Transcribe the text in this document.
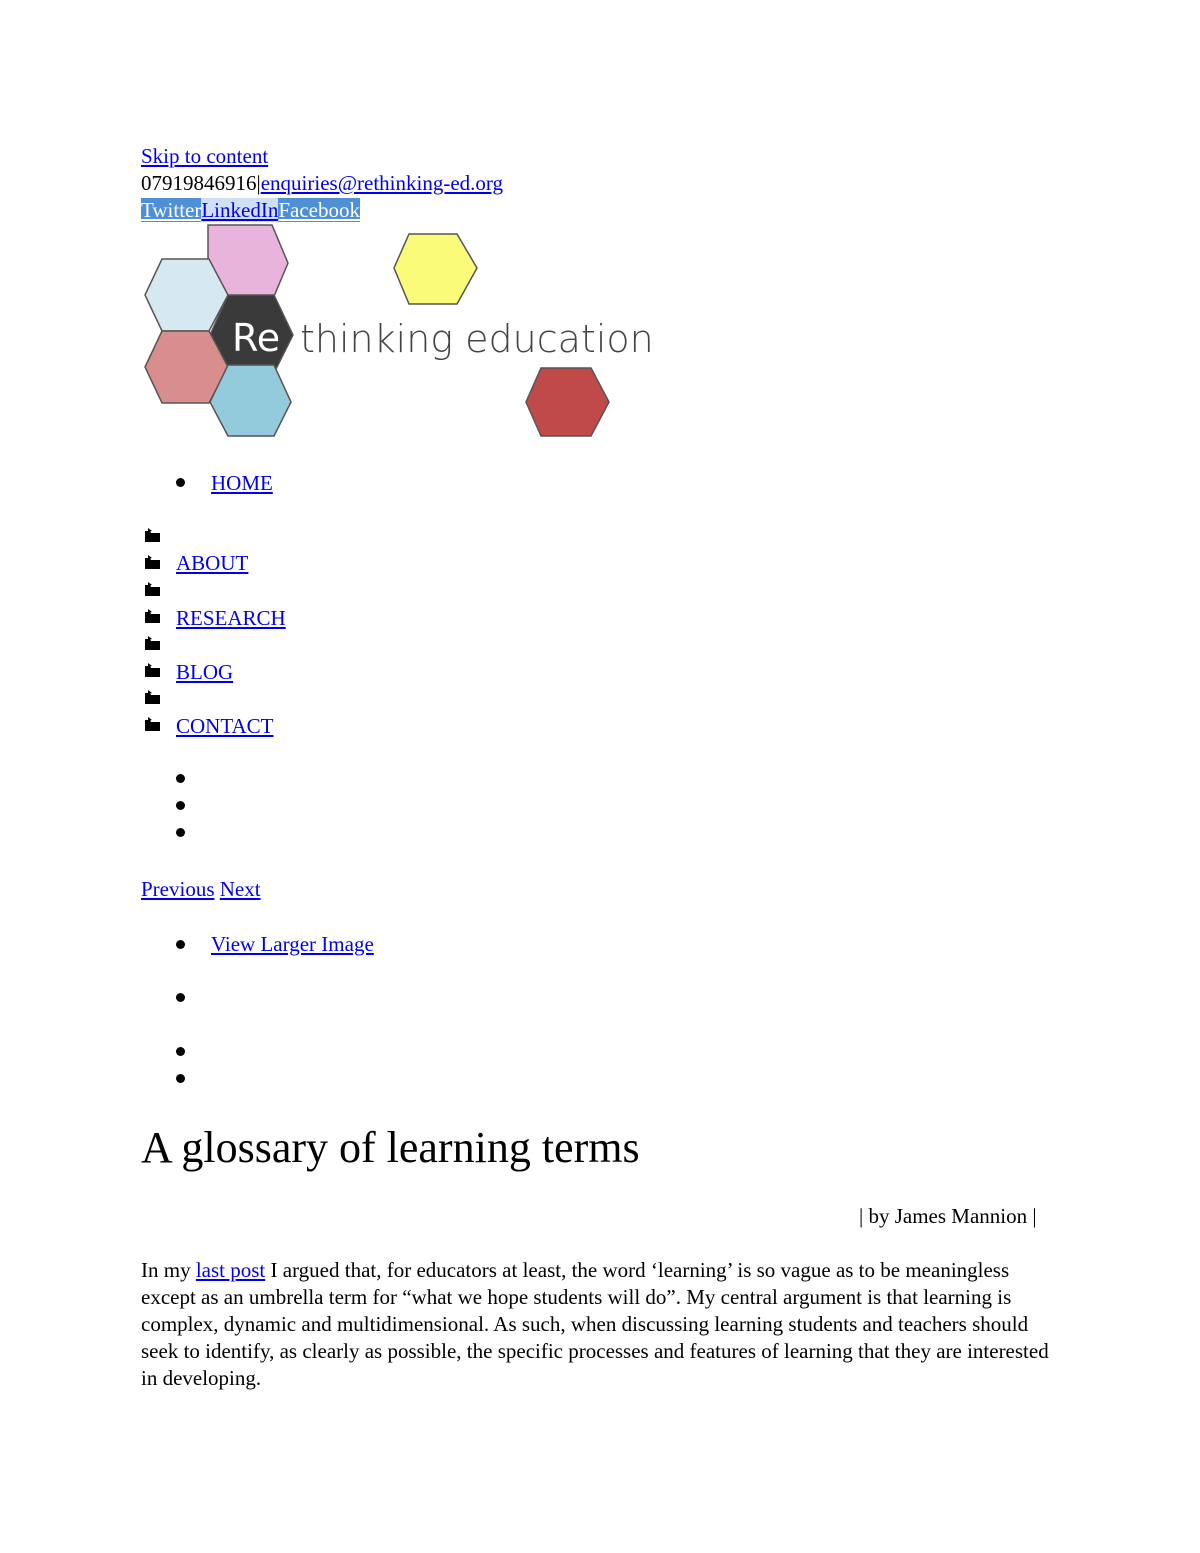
Skip to content
07919846916|enquiries@rethinking-ed.org
TwitterLinkedInFacebook
Re thinking education
HOME
ABOUT
RESEARCH
BLOG
CONTACT
Previous Next
View Larger Image
A glossary of learning terms
| by James Mannion |

In my last post I argued that, for educators at least, the word ‘learning’ is so vague as to be meaningless except as an umbrella term for “what we hope students will do”. My central argument is that learning is complex, dynamic and multidimensional. As such, when discussing learning students and teachers should seek to identify, as clearly as possible, the specific processes and features of learning that they are interested in developing.
